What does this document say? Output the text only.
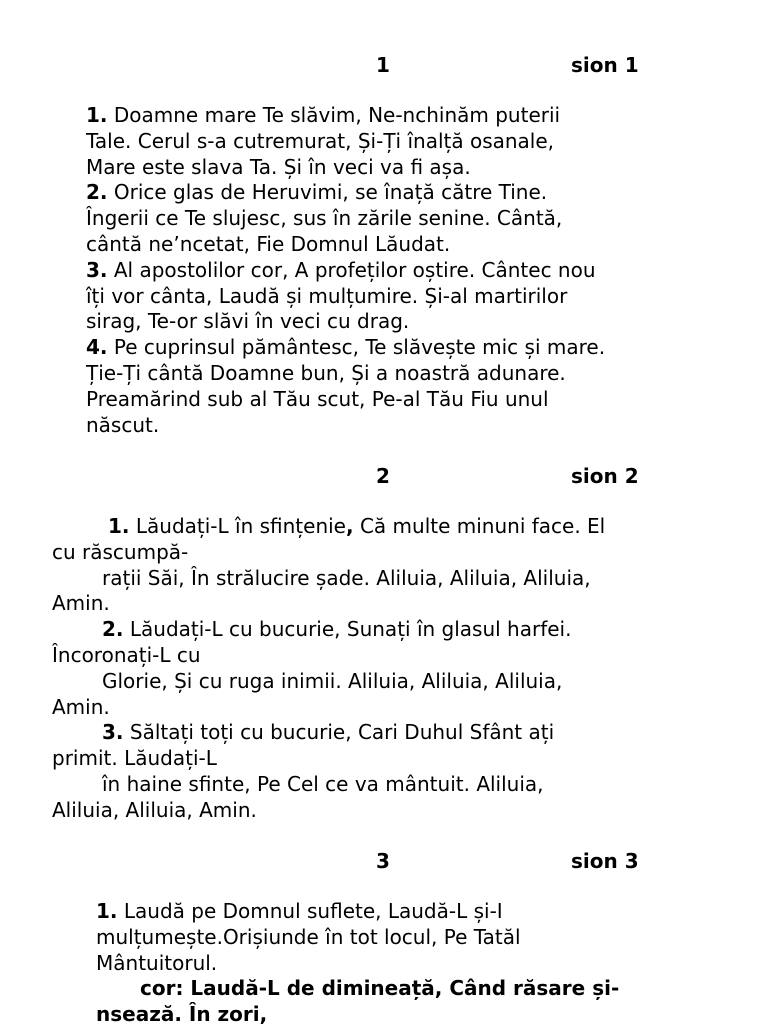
1	sion 1
1. Doamne mare Te slăvim, Ne-nchinăm puterii
Tale. Cerul s-a cutremurat, Și-Ți înalță osanale,
Mare este slava Ta. Și în veci va fi așa.
2. Orice glas de Heruvimi, se înață către Tine.
Îngerii ce Te slujesc, sus în zările senine. Cântă,
cântă ne’ncetat, Fie Domnul Lăudat.
3. Al apostolilor cor, A profeților oștire. Cântec nou
îți vor cânta, Laudă și mulțumire. Și-al martirilor
sirag, Te-or slăvi în veci cu drag.
4. Pe cuprinsul pământesc, Te slăvește mic și mare.
Ție-Ți cântă Doamne bun, Și a noastră adunare.
Preamărind sub al Tău scut, Pe-al Tău Fiu unul
născut.
2	sion 2
1. Lăudați-L în sfințenie, Că multe minuni face. El
cu răscumpă-
rații Săi, În strălucire șade. Aliluia, Aliluia, Aliluia,
Amin.
2. Lăudați-L cu bucurie, Sunați în glasul harfei.
Încoronați-L cu
Glorie, Și cu ruga inimii. Aliluia, Aliluia, Aliluia,
Amin.
3. Săltați toți cu bucurie, Cari Duhul Sfânt ați
primit. Lăudați-L
în haine sfinte, Pe Cel ce va mântuit. Aliluia,
Aliluia, Aliluia, Amin.
3	sion 3
1. Laudă pe Domnul suflete, Laudă-L și-I
mulțumește.Orișiunde în tot locul, Pe Tatăl
Mântuitorul.
cor: Laudă-L de dimineață, Când răsare și-
nsează. În zori,
